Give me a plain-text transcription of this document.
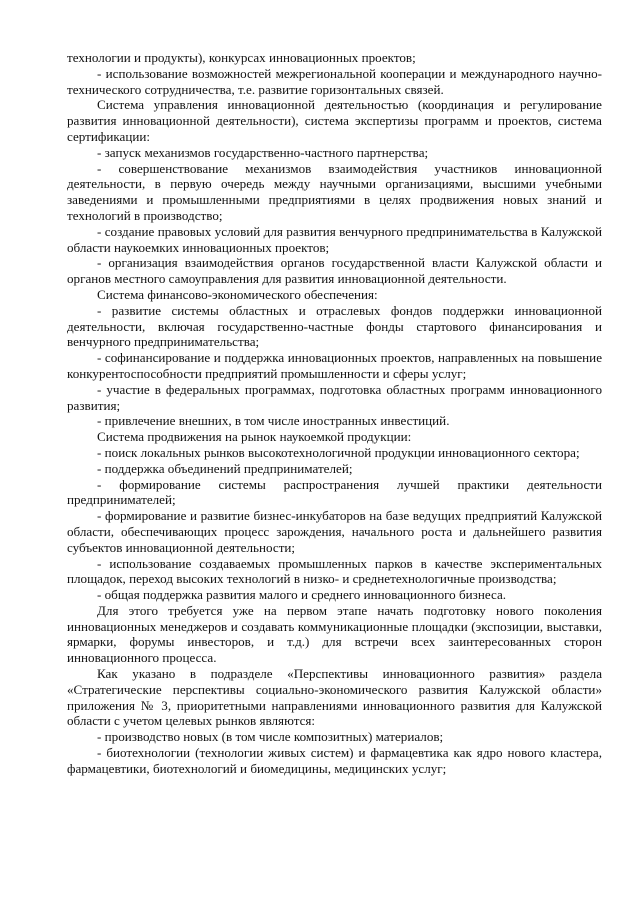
технологии и продукты), конкурсах инновационных проектов;

- использование возможностей межрегиональной кооперации и международного научно-технического сотрудничества, т.е. развитие горизонтальных связей.

Система управления инновационной деятельностью (координация и регулирование развития инновационной деятельности), система экспертизы программ и проектов, система сертификации:

- запуск механизмов государственно-частного партнерства;

- совершенствование механизмов взаимодействия участников инновационной деятельности, в первую очередь между научными организациями, высшими учебными заведениями и промышленными предприятиями в целях продвижения новых знаний и технологий в производство;

- создание правовых условий для развития венчурного предпринимательства в Калужской области наукоемких инновационных проектов;

- организация взаимодействия органов государственной власти Калужской области и органов местного самоуправления для развития инновационной деятельности.

Система финансово-экономического обеспечения:

- развитие системы областных и отраслевых фондов поддержки инновационной деятельности, включая государственно-частные фонды стартового финансирования и венчурного предпринимательства;

- софинансирование и поддержка инновационных проектов, направленных на повышение конкурентоспособности предприятий промышленности и сферы услуг;

- участие в федеральных программах, подготовка областных программ инновационного развития;

- привлечение внешних, в том числе иностранных инвестиций.

Система продвижения на рынок наукоемкой продукции:

- поиск локальных рынков высокотехнологичной продукции инновационного сектора;

- поддержка объединений предпринимателей;

- формирование системы распространения лучшей практики деятельности предпринимателей;

- формирование и развитие бизнес-инкубаторов на базе ведущих предприятий Калужской области, обеспечивающих процесс зарождения, начального роста и дальнейшего развития субъектов инновационной деятельности;

- использование создаваемых промышленных парков в качестве экспериментальных площадок, переход высоких технологий в низко- и среднетехнологичные производства;

- общая поддержка развития малого и среднего инновационного бизнеса.

Для этого требуется уже на первом этапе начать подготовку нового поколения инновационных менеджеров и создавать коммуникационные площадки (экспозиции, выставки, ярмарки, форумы инвесторов, и т.д.) для встречи всех заинтересованных сторон инновационного процесса.

Как указано в подразделе «Перспективы инновационного развития» раздела «Стратегические перспективы социально-экономического развития Калужской области» приложения № 3, приоритетными направлениями инновационного развития для Калужской области с учетом целевых рынков являются:

- производство новых (в том числе композитных) материалов;

- биотехнологии (технологии живых систем) и фармацевтика как ядро нового кластера, фармацевтики, биотехнологий и биомедицины, медицинских услуг;
